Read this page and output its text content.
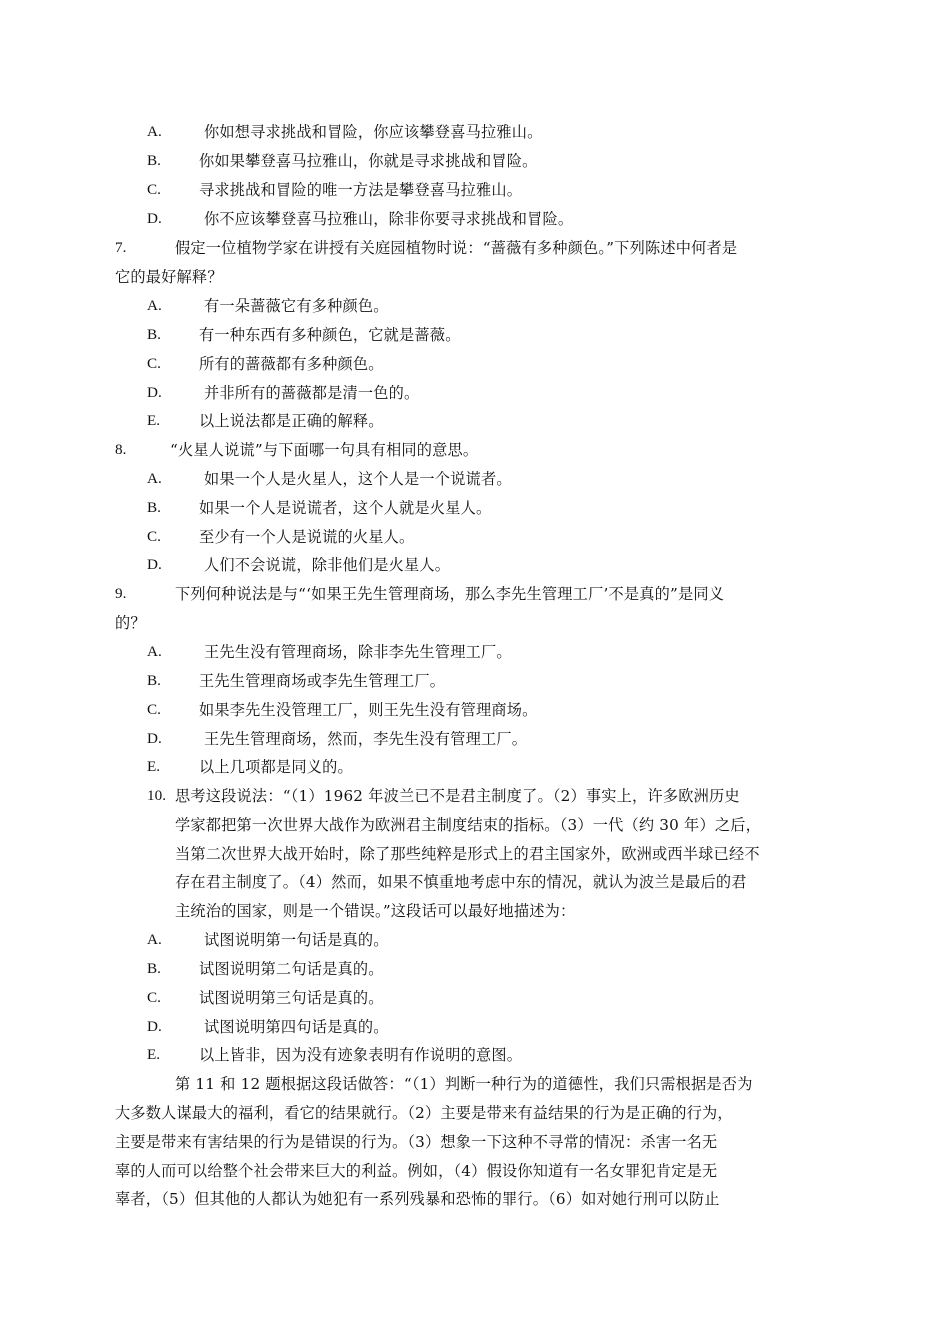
A.	你如想寻求挑战和冒险，你应该攀登喜马拉雅山。
B.	你如果攀登喜马拉雅山，你就是寻求挑战和冒险。
C.	寻求挑战和冒险的唯一方法是攀登喜马拉雅山。
D.	你不应该攀登喜马拉雅山，除非你要寻求挑战和冒险。
7.	假定一位植物学家在讲授有关庭园植物时说：“蔷薇有多种颜色。”下列陈述中何者是
它的最好解释？
A.	有一朵蔷薇它有多种颜色。
B.	有一种东西有多种颜色，它就是蔷薇。
C.	所有的蔷薇都有多种颜色。
D.	并非所有的蔷薇都是清一色的。
E.	以上说法都是正确的解释。
8.	“火星人说谎”与下面哪一句具有相同的意思。
A.	如果一个人是火星人，这个人是一个说谎者。
B.	如果一个人是说谎者，这个人就是火星人。
C.	至少有一个人是说谎的火星人。
D.	人们不会说谎，除非他们是火星人。
9.	下列何种说法是与“‘如果王先生管理商场，那么李先生管理工厂’不是真的”是同义
的？
A.	王先生没有管理商场，除非李先生管理工厂。
B.	王先生管理商场或李先生管理工厂。
C.	如果李先生没管理工厂，则王先生没有管理商场。
D.	王先生管理商场，然而，李先生没有管理工厂。
E.	以上几项都是同义的。
10. 思考这段说法：“（1）1962 年波兰已不是君主制度了。（2）事实上，许多欧洲历史
学家都把第一次世界大战作为欧洲君主制度结束的指标。（3）一代（约 30 年）之后，
当第二次世界大战开始时，除了那些纯粹是形式上的君主国家外，欧洲或西半球已经不
存在君主制度了。（4）然而，如果不慎重地考虑中东的情况，就认为波兰是最后的君
主统治的国家，则是一个错误。”这段话可以最好地描述为：
A.	试图说明第一句话是真的。
B.	试图说明第二句话是真的。
C.	试图说明第三句话是真的。
D.	试图说明第四句话是真的。
E.	以上皆非，因为没有迹象表明有作说明的意图。
第 11 和 12 题根据这段话做答：“（1）判断一种行为的道德性，我们只需根据是否为
大多数人谋最大的福利，看它的结果就行。（2）主要是带来有益结果的行为是正确的行为，
主要是带来有害结果的行为是错误的行为。（3）想象一下这种不寻常的情况：杀害一名无
辜的人而可以给整个社会带来巨大的利益。例如，（4）假设你知道有一名女罪犯肯定是无
辜者，（5）但其他的人都认为她犯有一系列残暴和恐怖的罪行。（6）如对她行刑可以防止
